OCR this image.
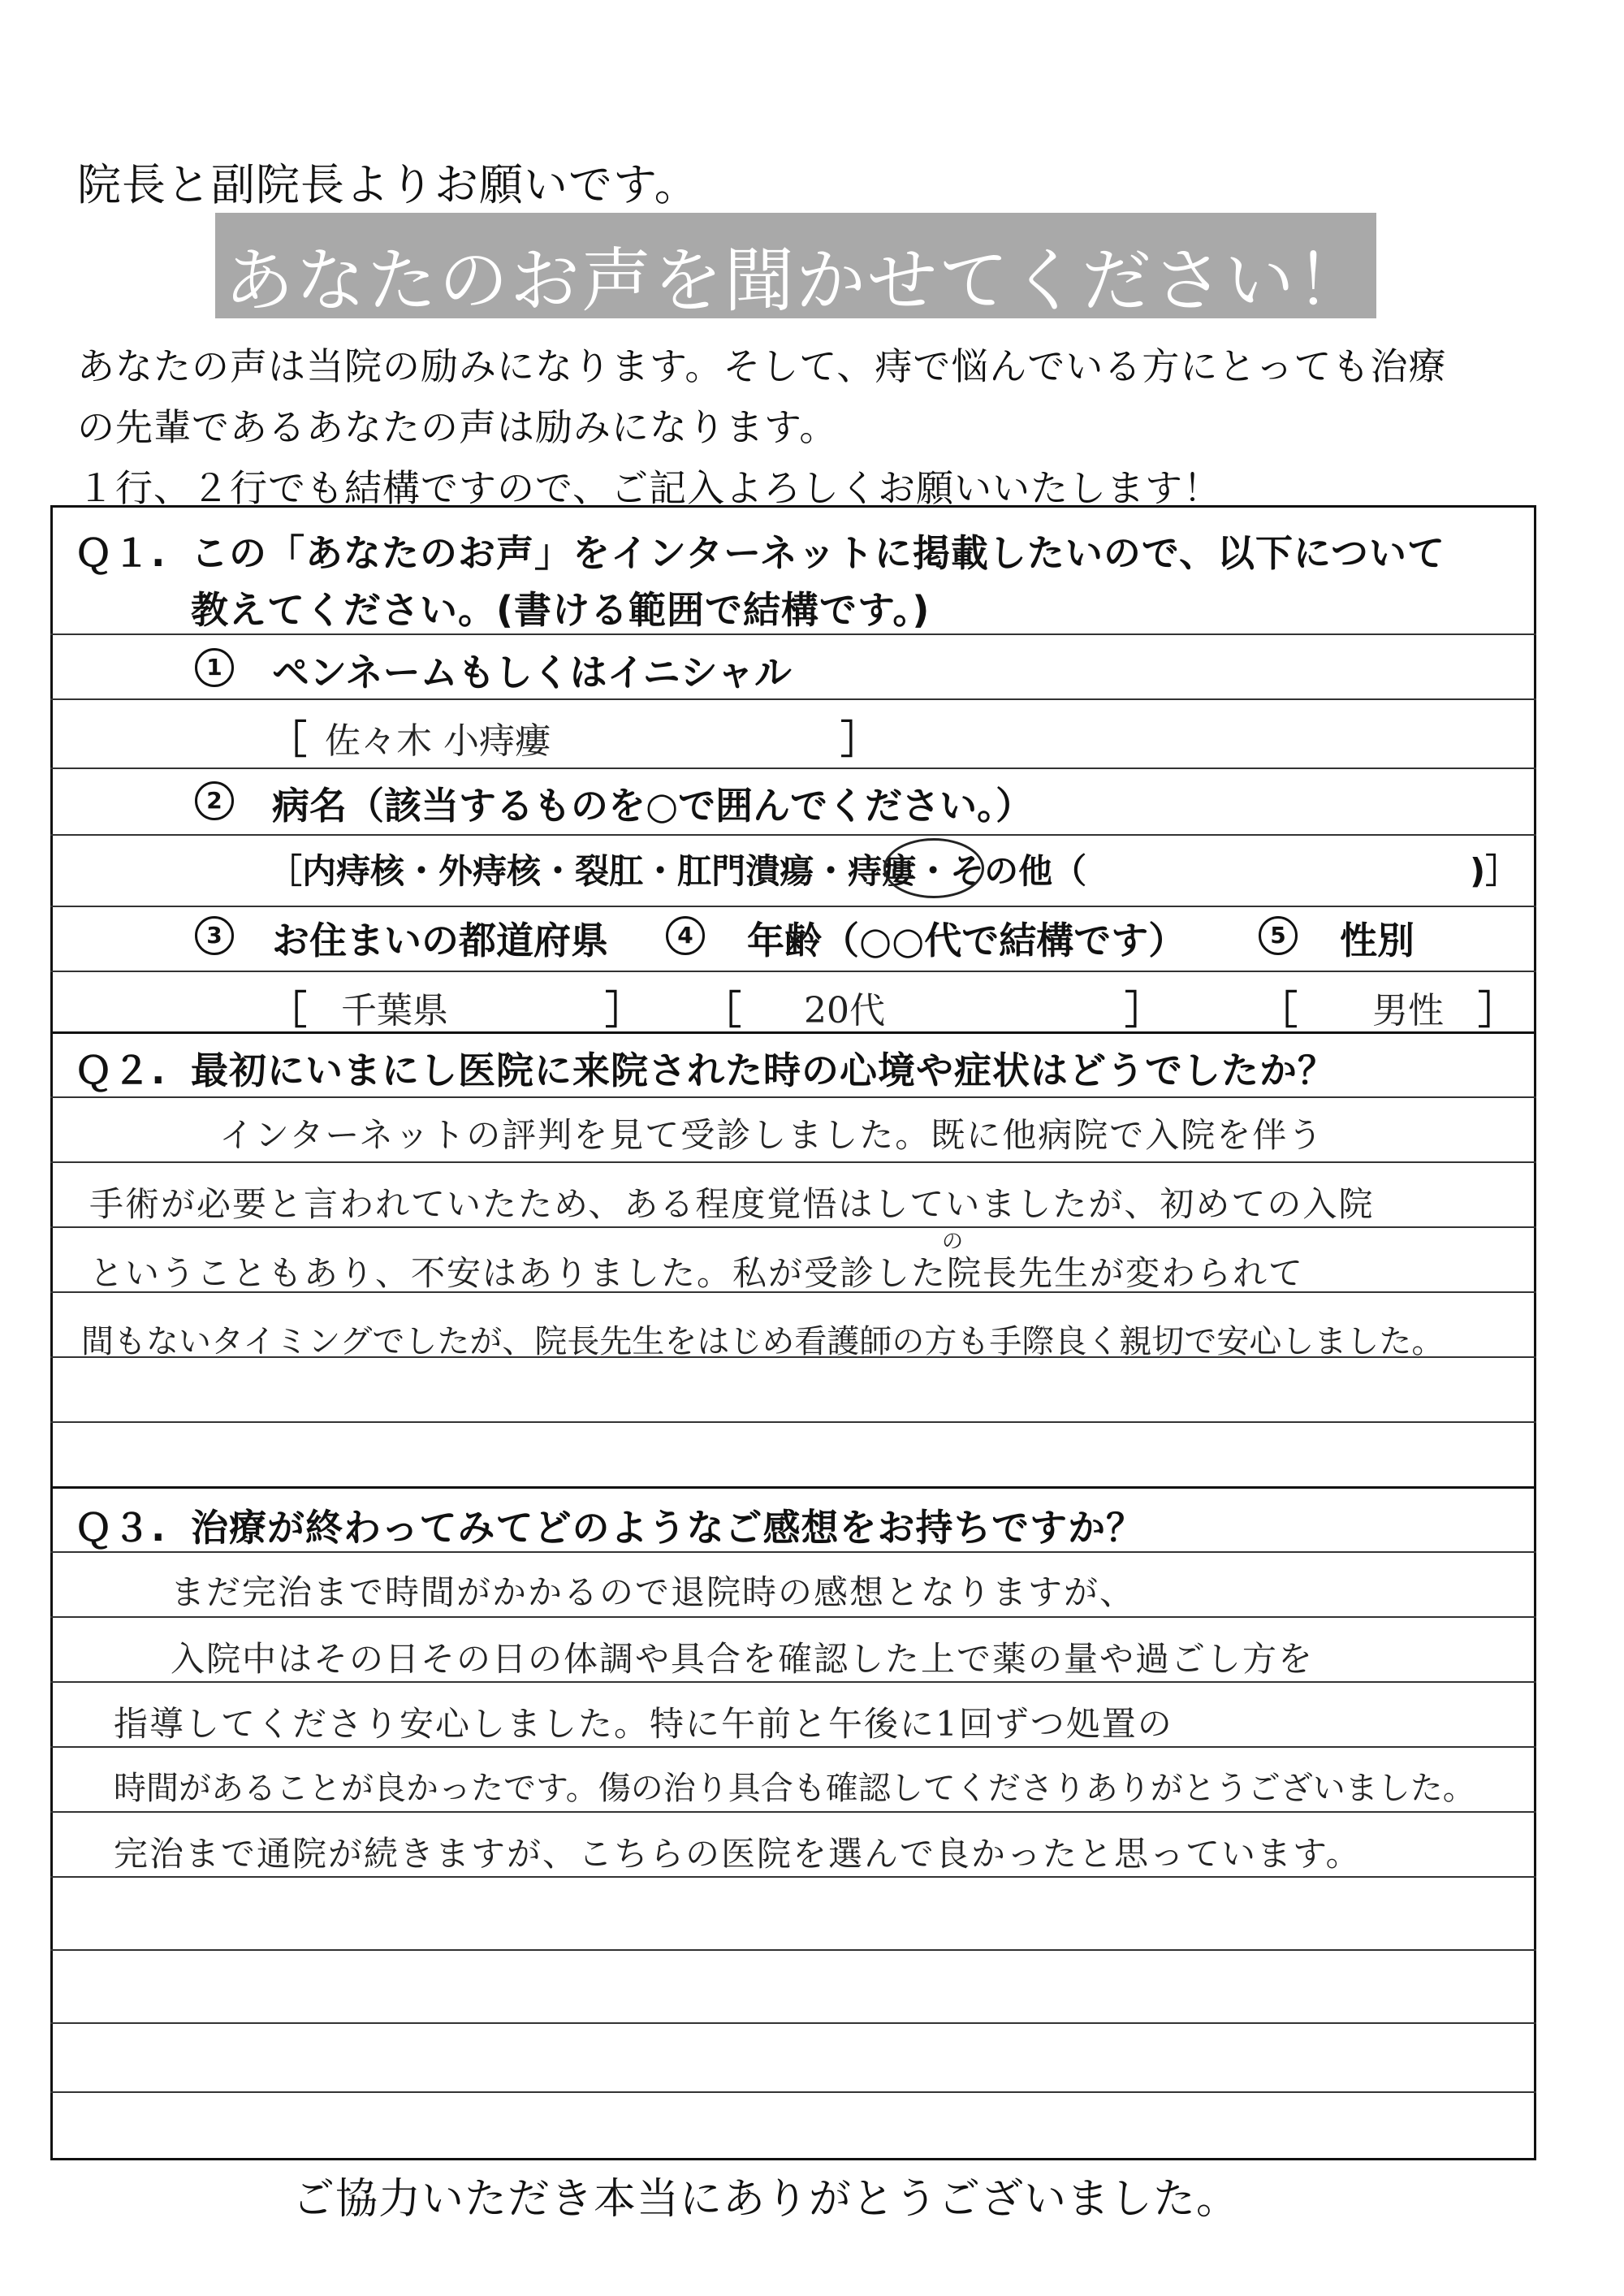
院長と副院長よりお願いです。
あなたのお声を聞かせてください！
あなたの声は当院の励みになります。そして、痔で悩んでいる方にとっても治療
の先輩であるあなたの声は励みになります。
１行、２行でも結構ですので、ご記入よろしくお願いいたします！
Ｑ１. この「あなたのお声」をインターネットに掲載したいので、以下について
教えてください。(書ける範囲で結構です。)
1	ペンネームもしくはイニシャル
［ 佐々木 小痔瘻	］
2	病名（該当するものを○で囲んでください。）
［内痔核・外痔核・裂肛・肛門潰瘍・痔瘻・その他（	)］
3	お住まいの都道府県	4	年齢（○○代で結構です）	5	性別
［ 千葉県	］ ［ 20代	］ ［ 男性 ］
Ｑ２. 最初にいまにし医院に来院された時の心境や症状はどうでしたか？
インターネットの評判を見て受診しました。既に他病院で入院を伴う
手術が必要と言われていたため、ある程度覚悟はしていましたが、初めての入院
の
ということもあり、不安はありました。私が受診した院長先生が変わられて
間もないタイミングでしたが、院長先生をはじめ看護師の方も手際良く親切で安心しました。
Ｑ３. 治療が終わってみてどのようなご感想をお持ちですか？
まだ完治まで時間がかかるので退院時の感想となりますが、
入院中はその日その日の体調や具合を確認した上で薬の量や過ごし方を
指導してくださり安心しました。特に午前と午後に1回ずつ処置の
時間があることが良かったです。傷の治り具合も確認してくださりありがとうございました。
完治まで通院が続きますが、こちらの医院を選んで良かったと思っています。
ご協力いただき本当にありがとうございました。
